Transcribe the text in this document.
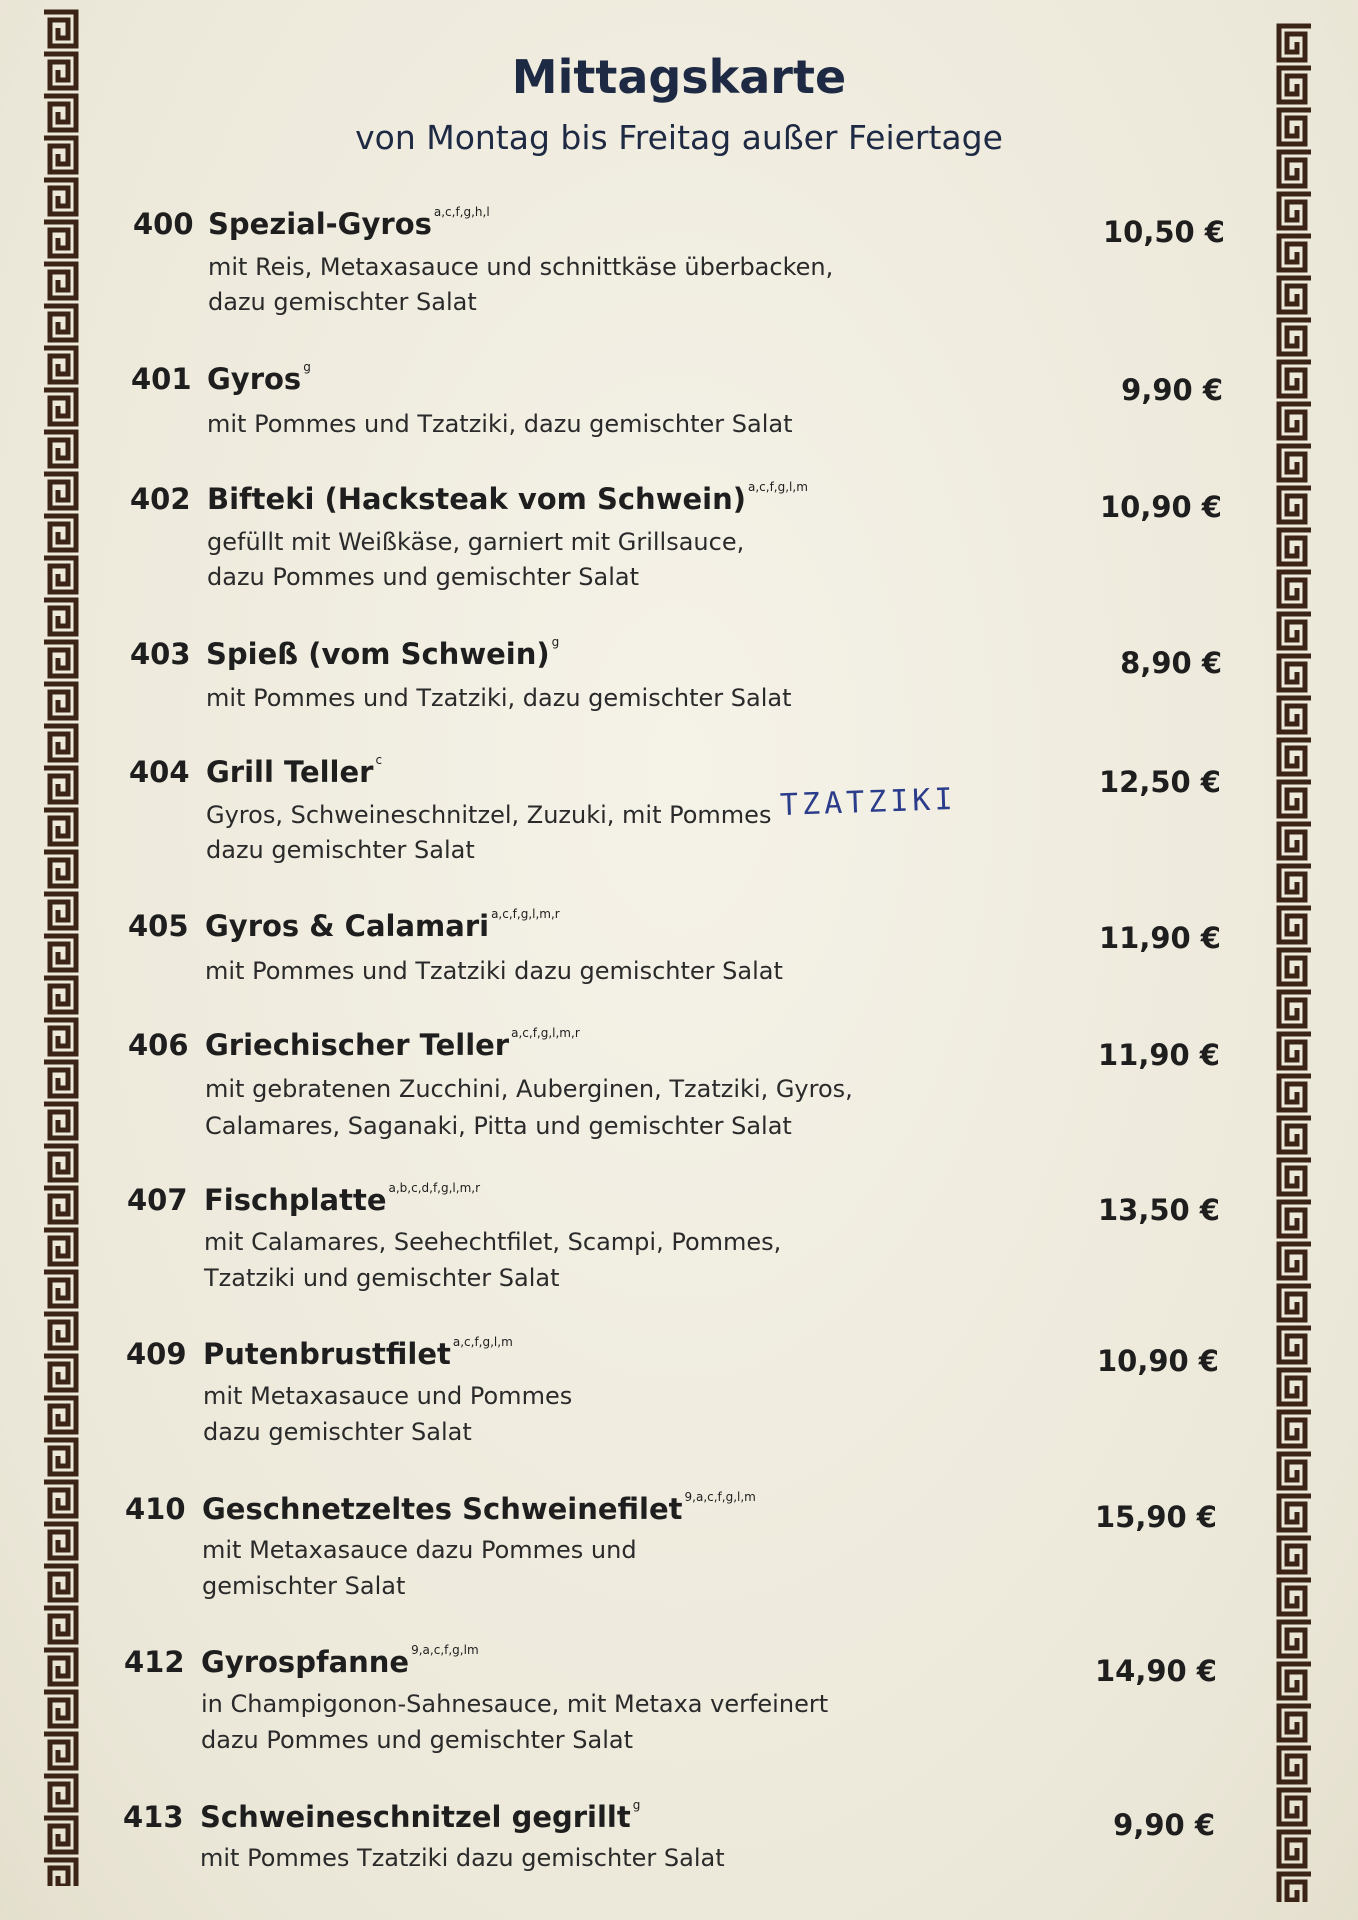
Mittagskarte
von Montag bis Freitag außer Feiertage
400 Spezial-Gyros $^{a,c,f,g,h,l}$
mit Reis, Metaxasauce und schnittkäse überbacken,
dazu gemischter Salat
10,50 €
401 Gyros $^g$
mit Pommes und Tzatziki, dazu gemischter Salat
9,90 €
402 Bifteki (Hacksteak vom Schwein) $^{a,c,f,g,l,m}$
gefüllt mit Weißkäse, garniert mit Grillsauce,
dazu Pommes und gemischter Salat
10,90 €
403 Spieß (vom Schwein) $^g$
mit Pommes und Tzatziki, dazu gemischter Salat
8,90 €
404 Grill Teller $^c$
Gyros, Schweineschnitzel, Zuzuki, mit Pommes
dazu gemischter Salat
12,50 €
TZATZIKI
405 Gyros & Calamari $^{a,c,f,g,l,m,r}$
mit Pommes und Tzatziki dazu gemischter Salat
11,90 €
406 Griechischer Teller $^{a,c,f,g,l,m,r}$
mit gebratenen Zucchini, Auberginen, Tzatziki, Gyros,
Calamares, Saganaki, Pitta und gemischter Salat
11,90 €
407 Fischplatte $^{a,b,c,d,f,g,l,m,r}$
mit Calamares, Seehechtfilet, Scampi, Pommes,
Tzatziki und gemischter Salat
13,50 €
409 Putenbrustfilet $^{a,c,f,g,l,m}$
mit Metaxasauce und Pommes
dazu gemischter Salat
10,90 €
410 Geschnetzeltes Schweinefilet $^{9,a,c,f,g,l,m}$
mit Metaxasauce dazu Pommes und
gemischter Salat
15,90 €
412 Gyrospfanne $^{9,a,c,f,g,lm}$
in Champigonon-Sahnesauce, mit Metaxa verfeinert
dazu Pommes und gemischter Salat
14,90 €
413 Schweineschnitzel gegrillt $^g$
mit Pommes Tzatziki dazu gemischter Salat
9,90 €
